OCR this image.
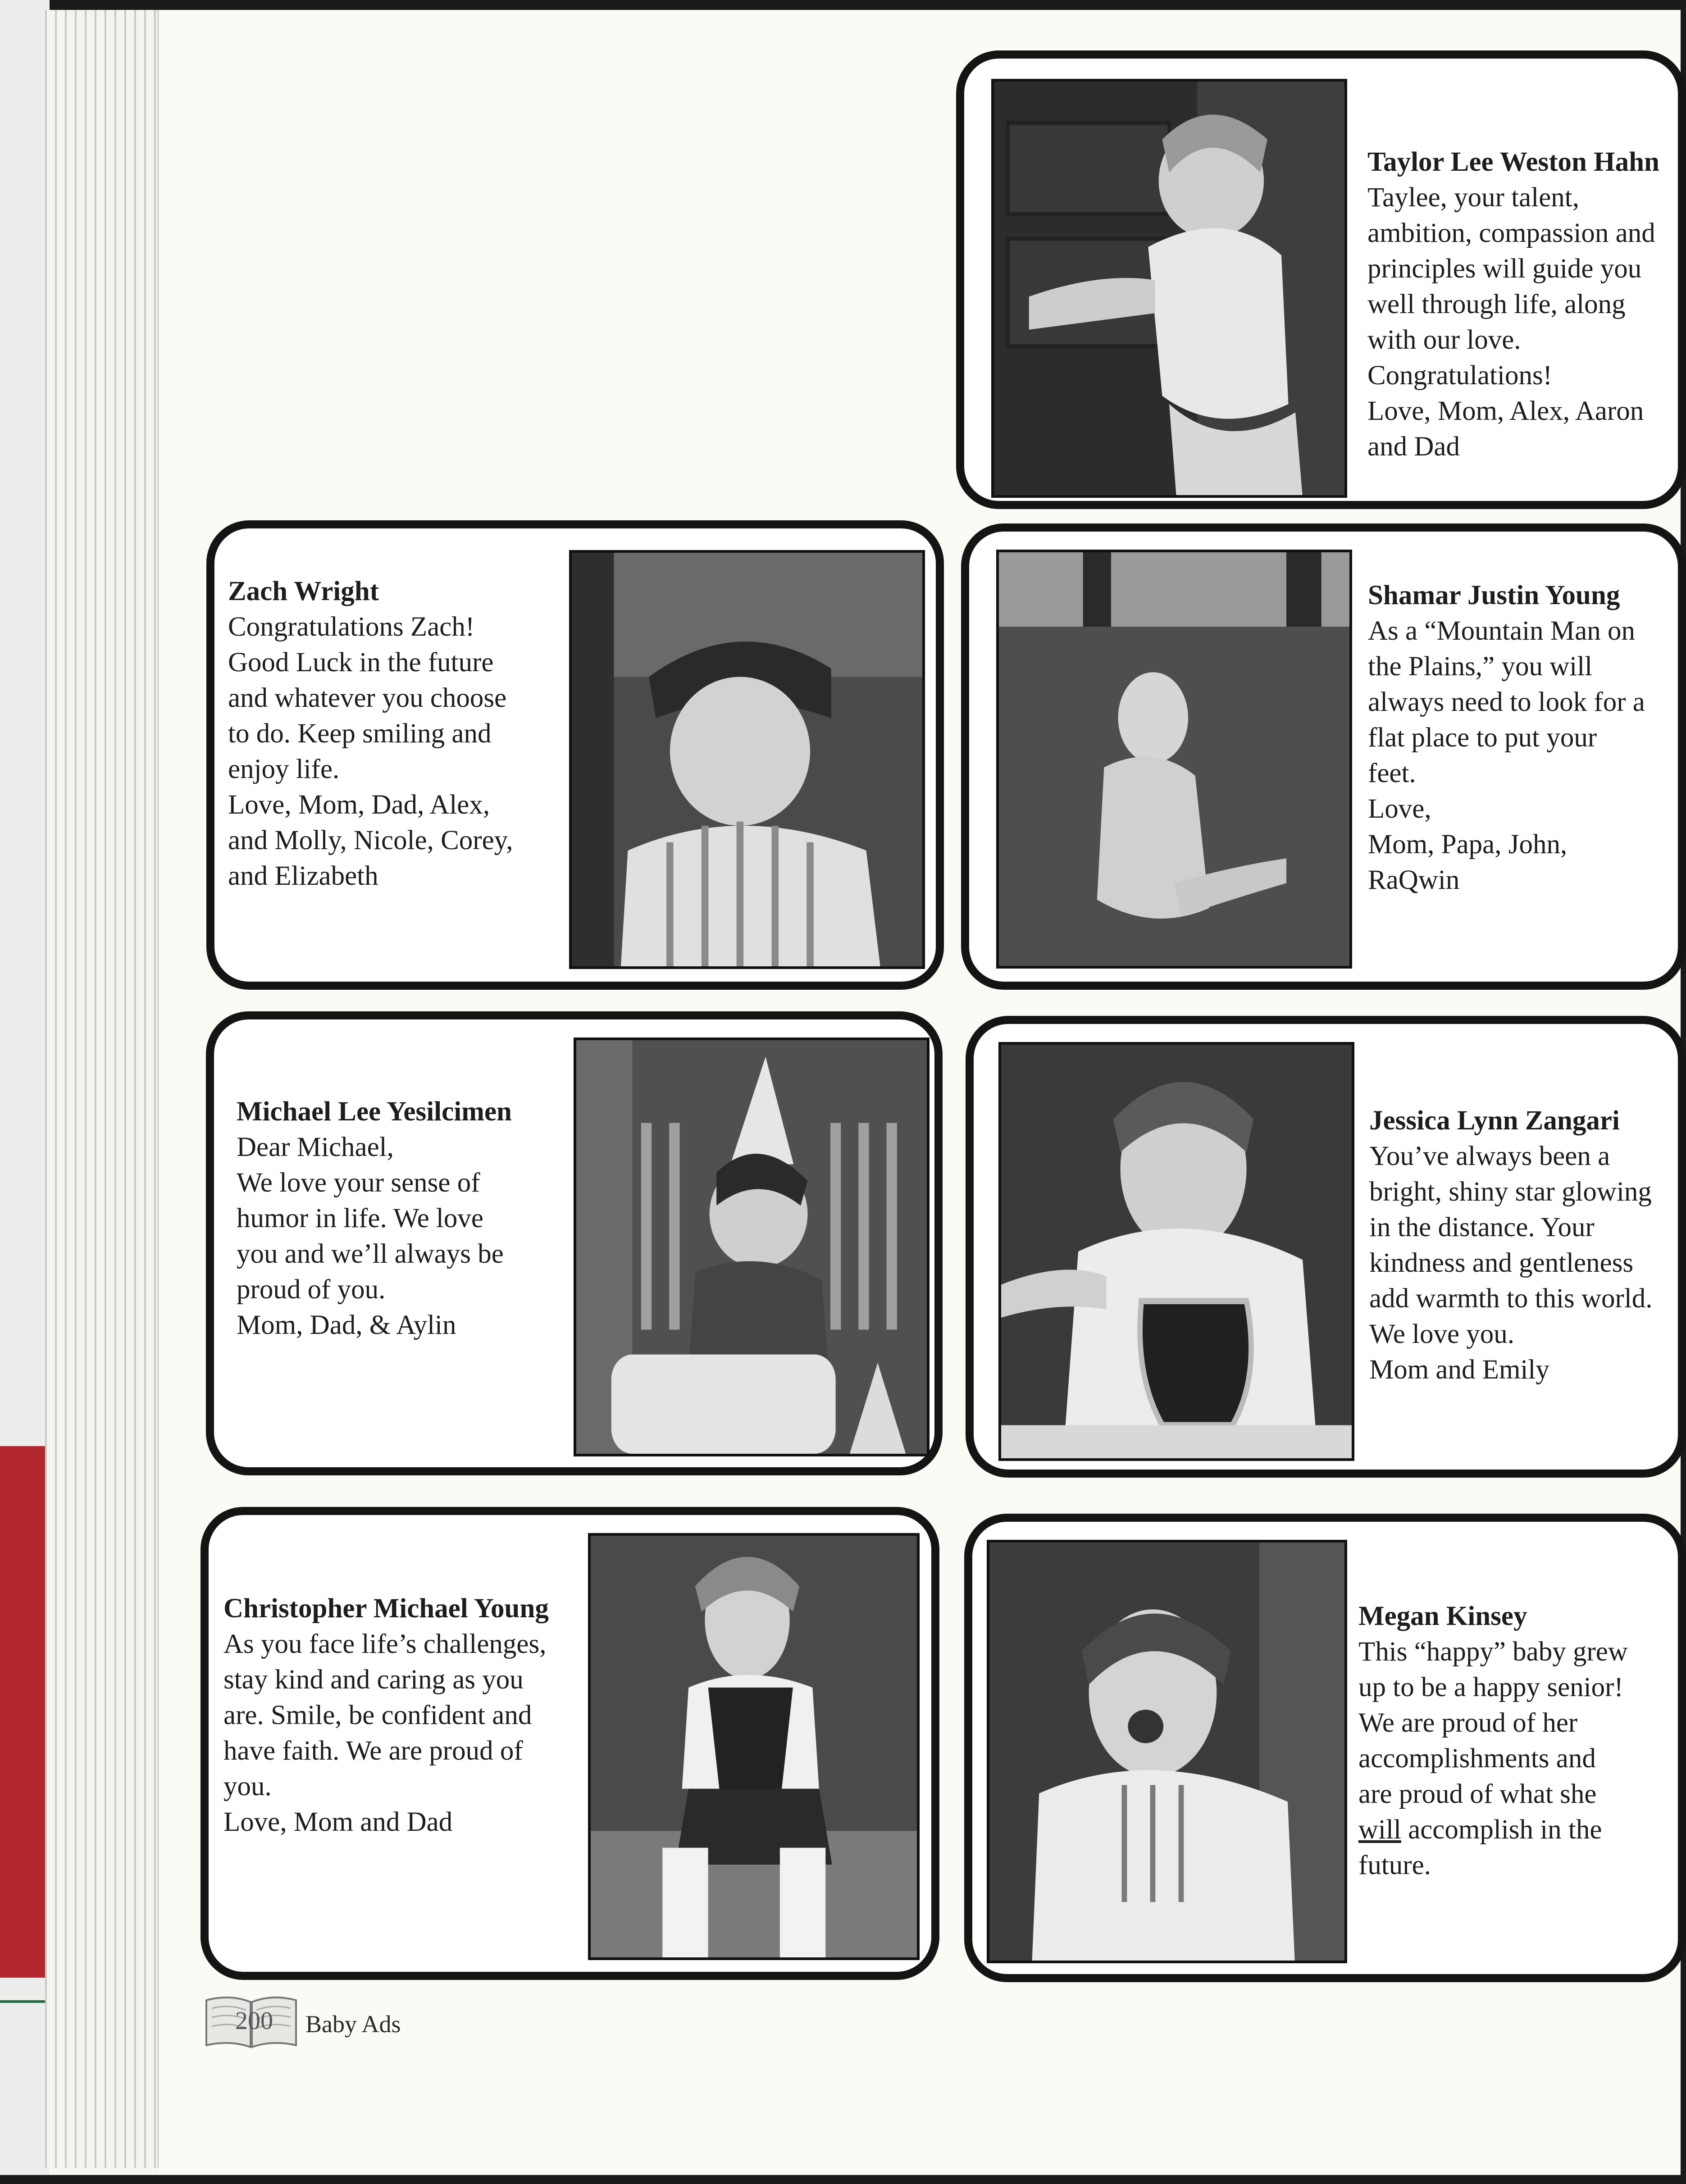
Taylor Lee Weston Hahn
Taylee, your talent,
ambition, compassion and
principles will guide you
well through life, along
with our love.
Congratulations!
Love, Mom, Alex, Aaron
and Dad
Zach Wright
Congratulations Zach!
Good Luck in the future
and whatever you choose
to do. Keep smiling and
enjoy life.
Love, Mom, Dad, Alex,
and Molly, Nicole, Corey,
and Elizabeth
Shamar Justin Young
As a “Mountain Man on
the Plains,” you will
always need to look for a
flat place to put your
feet.
Love,
Mom, Papa, John,
RaQwin
Michael Lee Yesilcimen
Dear Michael,
We love your sense of
humor in life. We love
you and we’ll always be
proud of you.
Mom, Dad, & Aylin
Jessica Lynn Zangari
You’ve always been a
bright, shiny star glowing
in the distance. Your
kindness and gentleness
add warmth to this world.
We love you.
Mom and Emily
Christopher Michael Young
As you face life’s challenges,
stay kind and caring as you
are. Smile, be confident and
have faith. We are proud of
you.
Love, Mom and Dad
Megan Kinsey
This “happy” baby grew
up to be a happy senior!
We are proud of her
accomplishments and
are proud of what she
will accomplish in the
future.
200 Baby Ads
